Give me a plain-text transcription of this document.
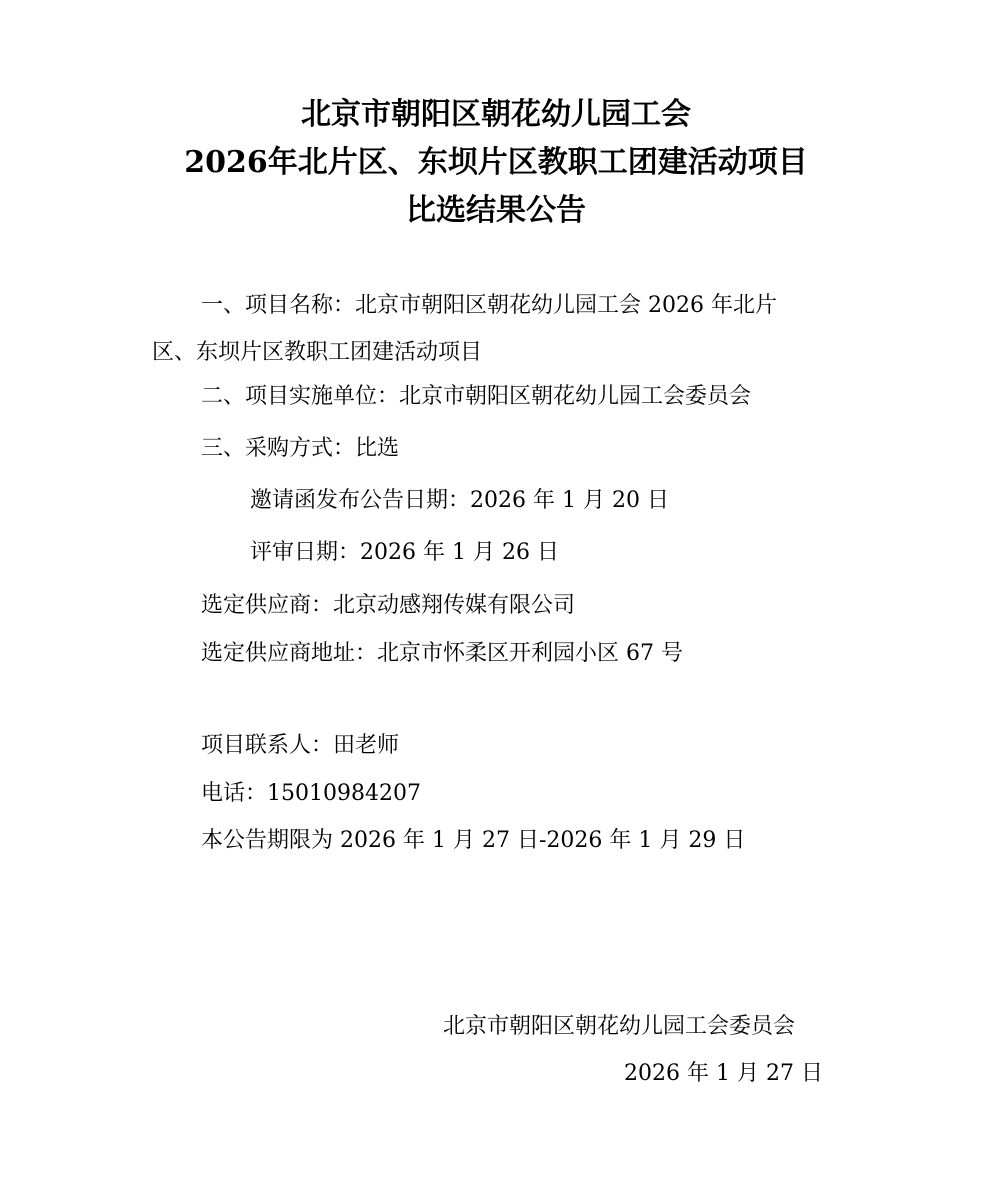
北京市朝阳区朝花幼儿园工会
2026年北片区、东坝片区教职工团建活动项目
比选结果公告
一、项目名称：北京市朝阳区朝花幼儿园工会 2026 年北片
区、东坝片区教职工团建活动项目
二、项目实施单位：北京市朝阳区朝花幼儿园工会委员会
三、采购方式：比选
邀请函发布公告日期：2026 年 1 月 20 日
评审日期：2026 年 1 月 26 日
选定供应商：北京动感翔传媒有限公司
选定供应商地址：北京市怀柔区开利园小区 67 号
项目联系人：田老师
电话：15010984207
本公告期限为 2026 年 1 月 27 日-2026 年 1 月 29 日
北京市朝阳区朝花幼儿园工会委员会
2026 年 1 月 27 日
